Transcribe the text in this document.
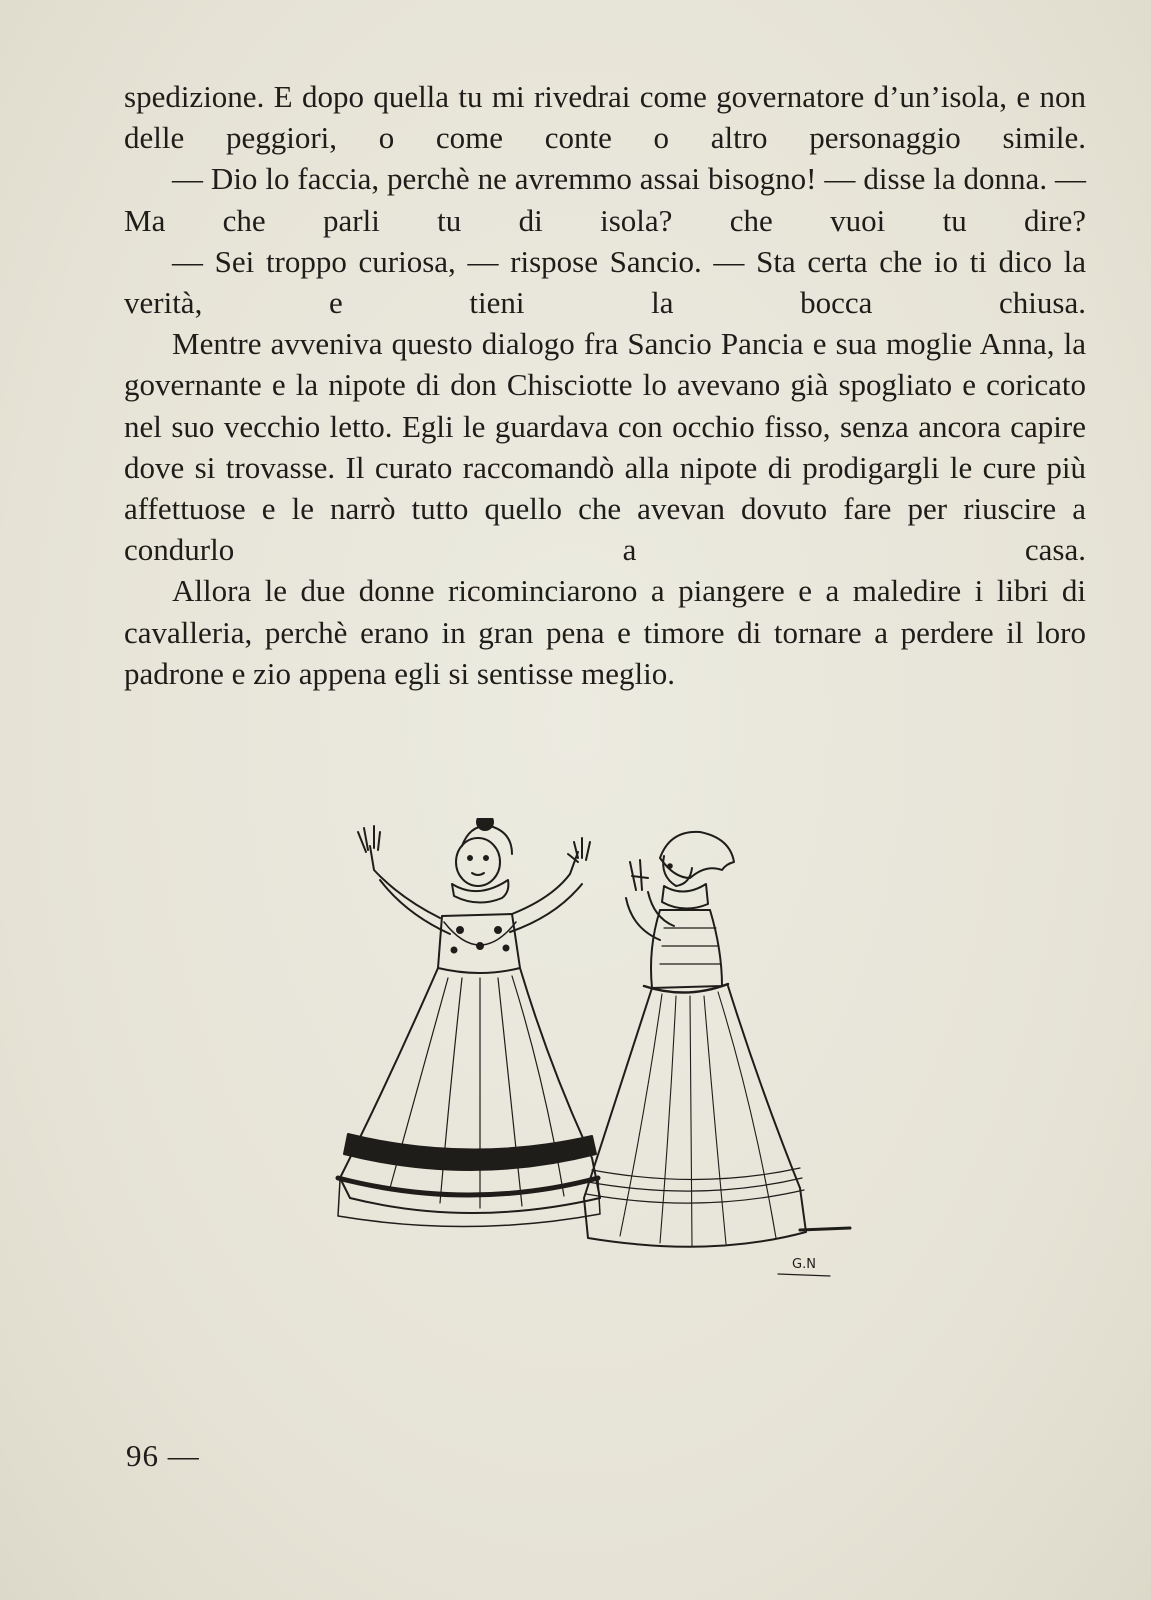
spedizione. E dopo quella tu mi rivedrai come governatore d’un’isola, e non delle peggiori, o come conte o altro personaggio simile.

— Dio lo faccia, perchè ne avremmo assai bisogno! — disse la donna. — Ma che parli tu di isola? che vuoi tu dire?

— Sei troppo curiosa, — rispose Sancio. — Sta certa che io ti dico la verità, e tieni la bocca chiusa.

Mentre avveniva questo dialogo fra Sancio Pancia e sua moglie Anna, la governante e la nipote di don Chisciotte lo avevano già spogliato e coricato nel suo vecchio letto. Egli le guardava con occhio fisso, senza ancora capire dove si trovasse. Il curato raccomandò alla nipote di prodigargli le cure più affettuose e le narrò tutto quello che avevan dovuto fare per riuscire a condurlo a casa.

Allora le due donne ricominciarono a piangere e a maledire i libri di cavalleria, perchè erano in gran pena e timore di tornare a perdere il loro padrone e zio appena egli si sentisse meglio.

G.N
96 —
